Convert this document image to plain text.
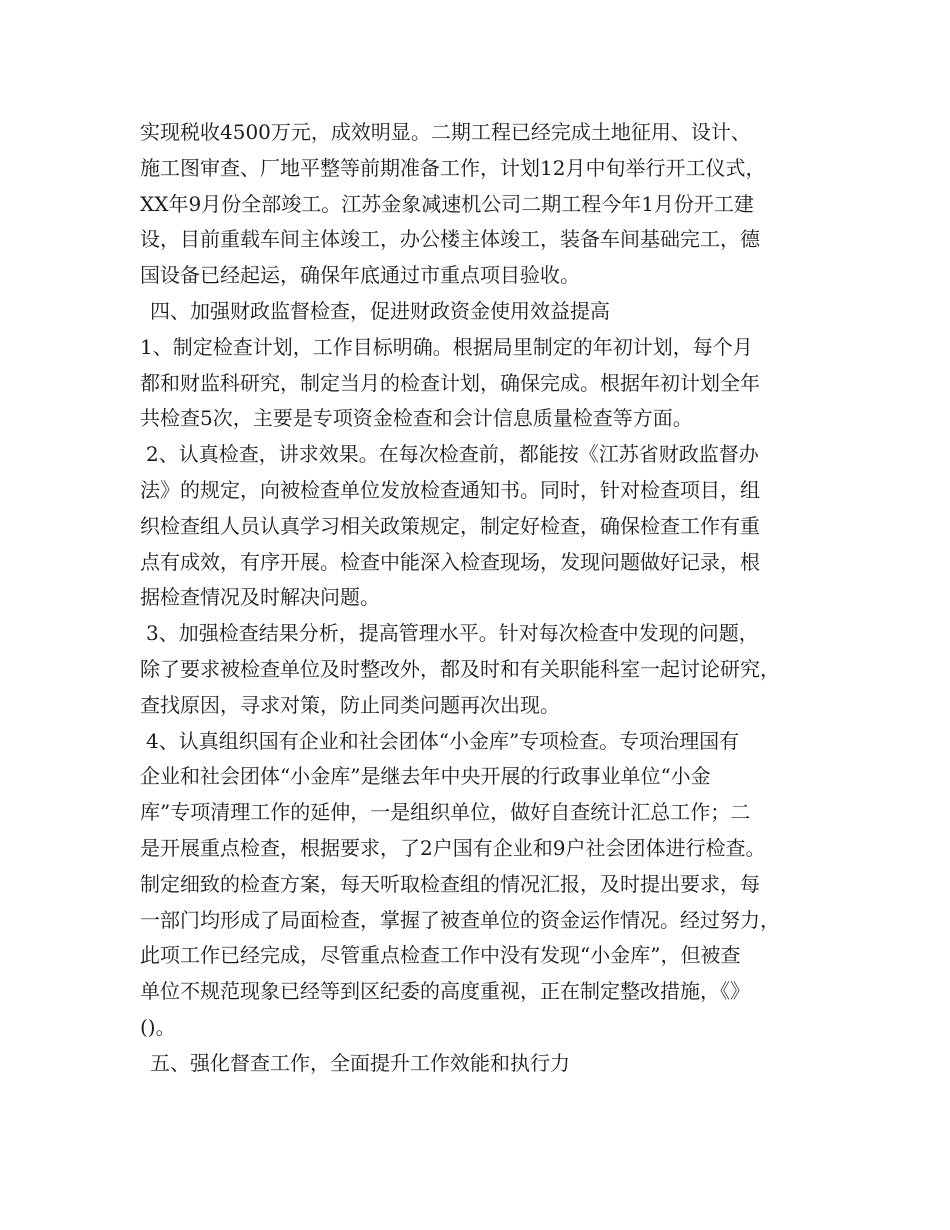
实现税收4500万元，成效明显。二期工程已经完成土地征用、设计、
施工图审查、厂地平整等前期准备工作，计划12月中旬举行开工仪式，
XX年9月份全部竣工。江苏金象减速机公司二期工程今年1月份开工建
设，目前重载车间主体竣工，办公楼主体竣工，装备车间基础完工，德
国设备已经起运，确保年底通过市重点项目验收。
四、加强财政监督检查，促进财政资金使用效益提高
1、制定检查计划，工作目标明确。根据局里制定的年初计划，每个月
都和财监科研究，制定当月的检查计划，确保完成。根据年初计划全年
共检查5次，主要是专项资金检查和会计信息质量检查等方面。
2、认真检查，讲求效果。在每次检查前，都能按《江苏省财政监督办
法》的规定，向被检查单位发放检查通知书。同时，针对检查项目，组
织检查组人员认真学习相关政策规定，制定好检查，确保检查工作有重
点有成效，有序开展。检查中能深入检查现场，发现问题做好记录，根
据检查情况及时解决问题。
3、加强检查结果分析，提高管理水平。针对每次检查中发现的问题，
除了要求被检查单位及时整改外，都及时和有关职能科室一起讨论研究，
查找原因，寻求对策，防止同类问题再次出现。
4、认真组织国有企业和社会团体“小金库”专项检查。专项治理国有
企业和社会团体“小金库”是继去年中央开展的行政事业单位“小金
库”专项清理工作的延伸，一是组织单位，做好自查统计汇总工作；二
是开展重点检查，根据要求，了2户国有企业和9户社会团体进行检查。
制定细致的检查方案，每天听取检查组的情况汇报，及时提出要求，每
一部门均形成了局面检查，掌握了被查单位的资金运作情况。经过努力，
此项工作已经完成，尽管重点检查工作中没有发现“小金库”，但被查
单位不规范现象已经等到区纪委的高度重视，正在制定整改措施，《》
()。
五、强化督查工作，全面提升工作效能和执行力
